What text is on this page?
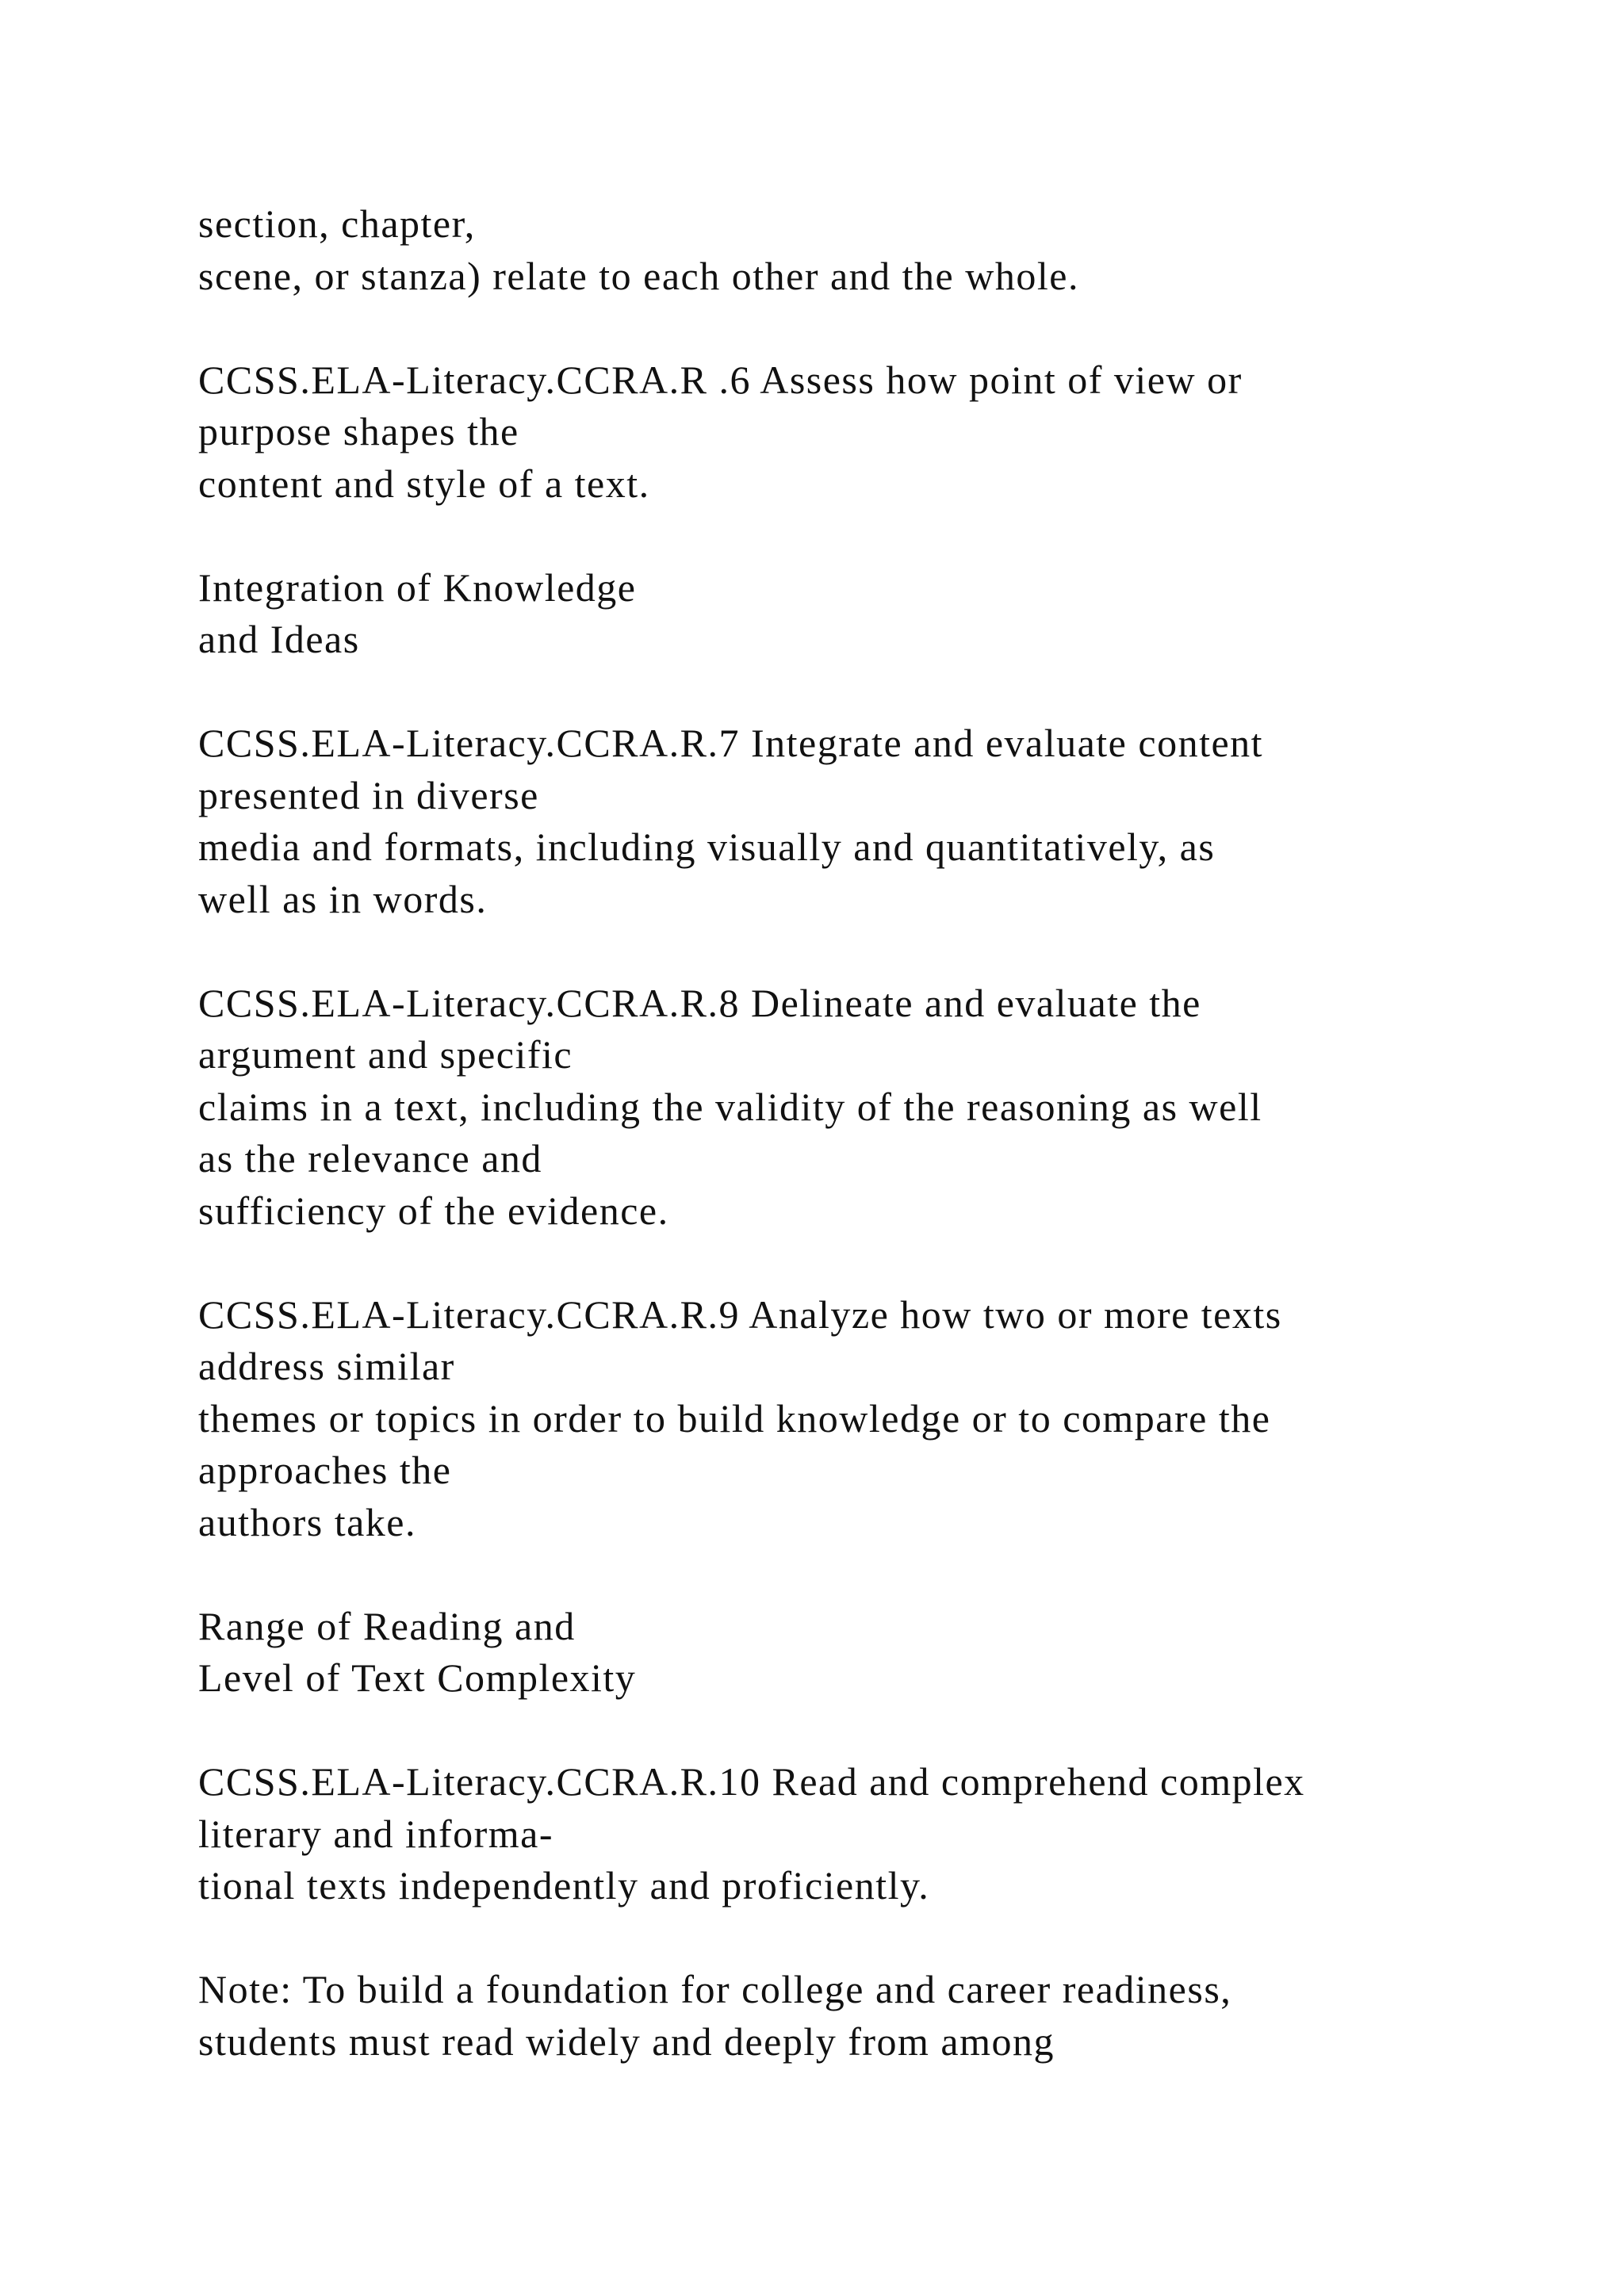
section, chapter,
scene, or stanza) relate to each other and the whole.
CCSS.ELA-Literacy.CCRA.R .6 Assess how point of view or
purpose shapes the
content and style of a text.
Integration of Knowledge
and Ideas
CCSS.ELA-Literacy.CCRA.R.7 Integrate and evaluate content
presented in diverse
media and formats, including visually and quantitatively, as
well as in words.
CCSS.ELA-Literacy.CCRA.R.8 Delineate and evaluate the
argument and specific
claims in a text, including the validity of the reasoning as well
as the relevance and
sufficiency of the evidence.
CCSS.ELA-Literacy.CCRA.R.9 Analyze how two or more texts
address similar
themes or topics in order to build knowledge or to compare the
approaches the
authors take.
Range of Reading and
Level of Text Complexity
CCSS.ELA-Literacy.CCRA.R.10 Read and comprehend complex
literary and informa-
tional texts independently and proficiently.
Note: To build a foundation for college and career readiness,
students must read widely and deeply from among
